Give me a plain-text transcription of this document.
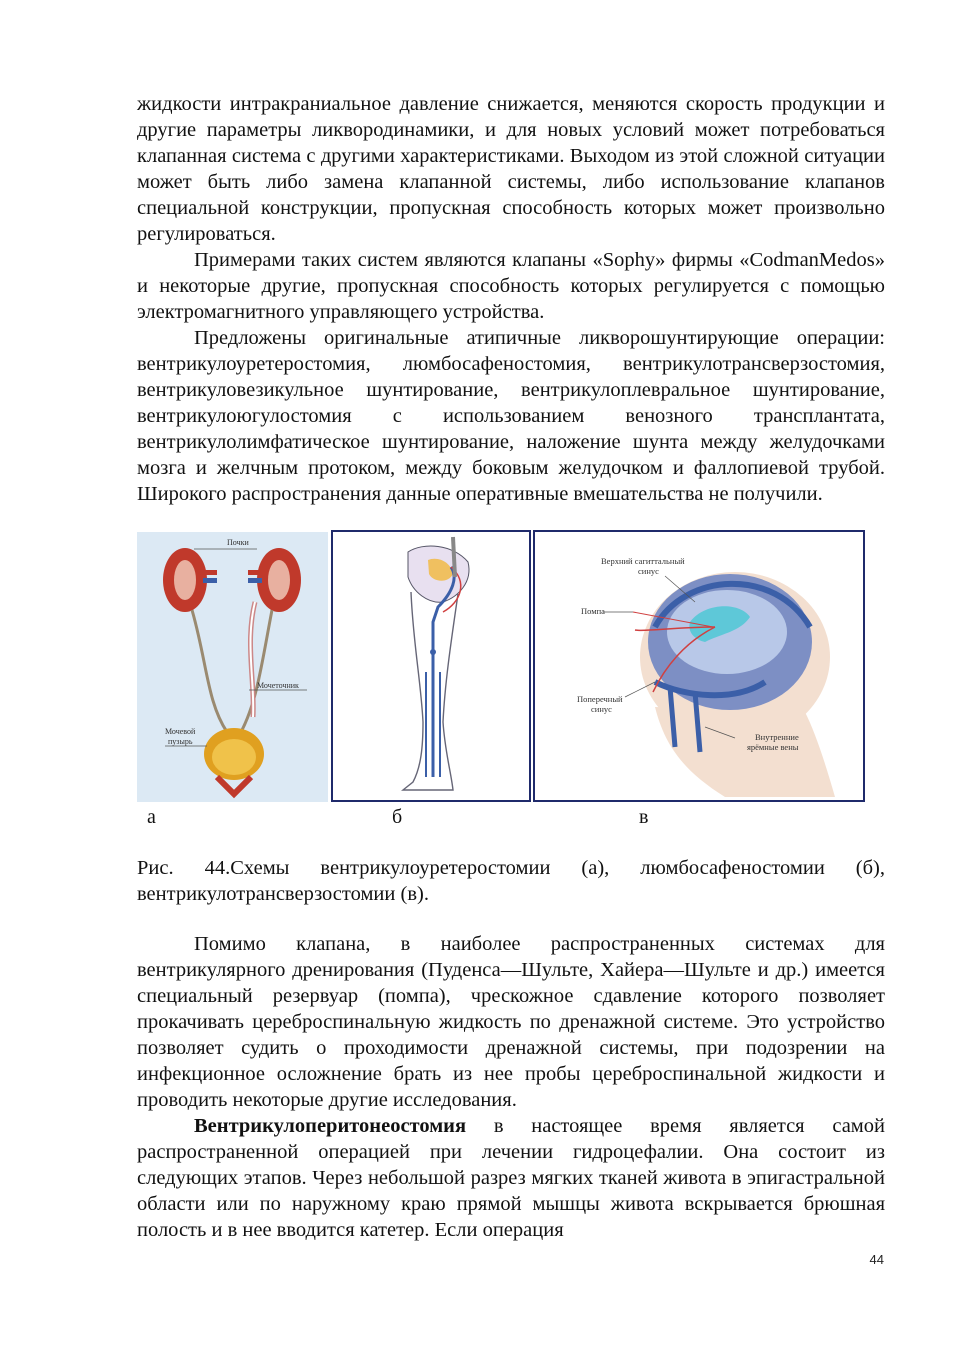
жидкости интракраниальное давление снижается, меняются скорость продукции и другие параметры ликвородинамики, и для новых условий может потребоваться клапанная система с другими характеристиками. Выходом из этой сложной ситуации может быть либо замена клапанной системы, либо использование клапанов специальной конструкции, пропускная способность которых может произвольно регулироваться.

Примерами таких систем являются клапаны «Sophy» фирмы «CodmanMedos» и некоторые другие, пропускная способность которых регулируется с помощью электромагнитного управляющего устройства.

Предложены оригинальные атипичные ликворошунтирующие операции: вентрикулоуретеростомия, люмбосафеностомия, вентрикулотрансверзостомия, вентрикуловезикульное шунтирование, вентрикулоплевральное шунтирование, вентрикулоюгулостомия с использованием венозного трансплантата, вентрикулолимфатическое шунтирование, наложение шунта между желудочками мозга и желчным протоком, между боковым желудочком и фаллопиевой трубой. Широкого распространения данные оперативные вмешательства не получили.

Почки
Мочеточник
Мочевой
пузырь
Верхний сагиттальный
синус
Помпа
Поперечный
синус
Внутренние
ярёмные вены
а	б	в

Рис. 44.Схемы вентрикулоуретеростомии (а), люмбосафеностомии (б), вентрикулотрансверзостомии (в).

Помимо клапана, в наиболее распространенных системах для вентрикулярного дренирования (Пуденса—Шульте, Хайера—Шульте и др.) имеется специальный резервуар (помпа), чрескожное сдавление которого позволяет прокачивать цереброспинальную жидкость по дренажной системе. Это устройство позволяет судить о проходимости дренажной системы, при подозрении на инфекционное осложнение брать из нее пробы цереброспинальной жидкости и проводить некоторые другие исследования.

Вентрикулоперитонеостомия в настоящее время является самой распространенной операцией при лечении гидроцефалии. Она состоит из следующих этапов. Через небольшой разрез мягких тканей живота в эпигастральной области или по наружному краю прямой мышцы живота вскрывается брюшная полость и в нее вводится катетер. Если операция

44
